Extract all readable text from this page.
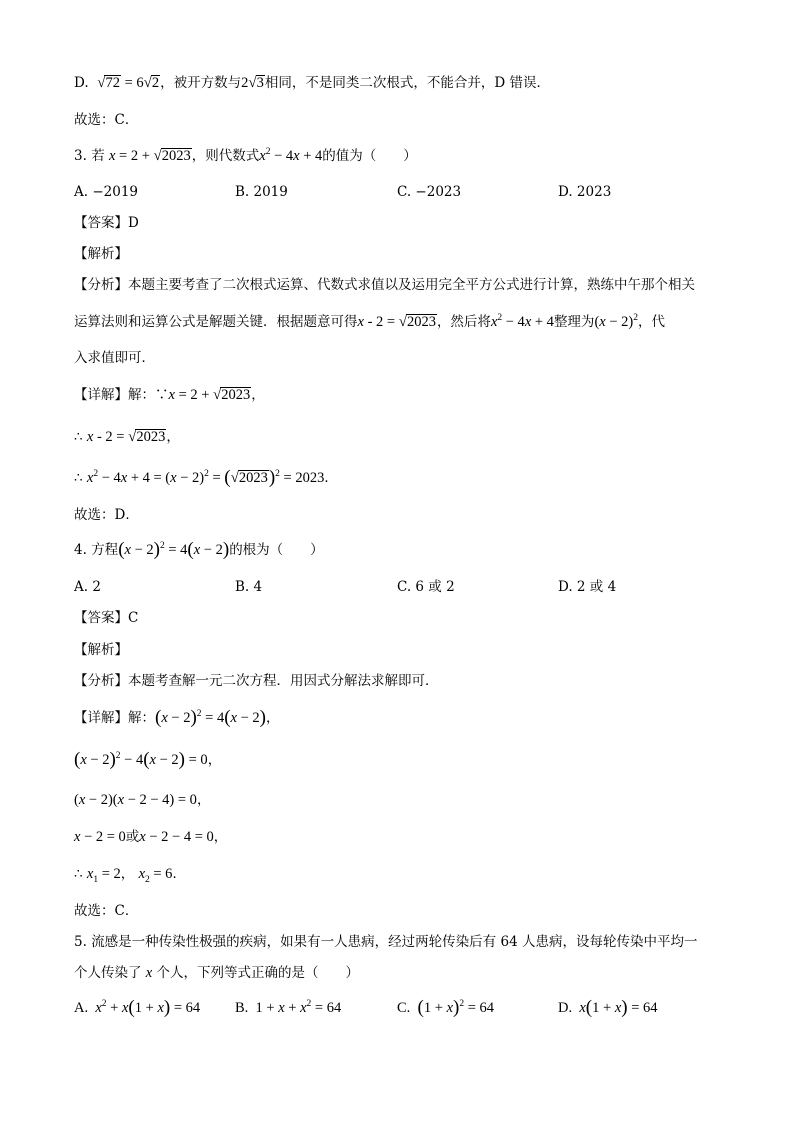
D. √72 = 6√2，被开方数与2√3相同，不是同类二次根式，不能合并，D 错误．
故选：C．
3. 若 x = 2 + √2023，则代数式$x^2 - 4x + 4$的值为（　　）
A. −2019	B. 2019	C. −2023	D. 2023
【答案】D
【解析】
【分析】本题主要考查了二次根式运算、代数式求值以及运用完全平方公式进行计算，熟练中午那个相关
运算法则和运算公式是解题关键．根据题意可得x - 2 = √2023，然后将$x^2 - 4x + 4$整理为$(x - 2)^2$，代
入求值即可．
【详解】解：∵x = 2 + √2023，
∴ x - 2 = √2023，
∴ $x^2 - 4x + 4 = (x - 2)^2 = (√2023)^2 = 2023$．
故选：D．
4. 方程$(x - 2)^2 = 4(x - 2)$的根为（　　）
A. 2	B. 4	C. 6 或 2	D. 2 或 4
【答案】C
【解析】
【分析】本题考查解一元二次方程．用因式分解法求解即可．
【详解】解：$(x - 2)^2 = 4(x - 2)$，
$(x - 2)^2 - 4(x - 2) = 0$，
(x − 2)(x − 2 − 4) = 0，
x − 2 = 0或x − 2 − 4 = 0，
∴ $x_1 = 2$， $x_2 = 6$．
故选：C．
5. 流感是一种传染性极强的疾病，如果有一人患病，经过两轮传染后有 64 人患病，设每轮传染中平均一
个人传染了 x 个人，下列等式正确的是（　　）
A. $x^2 + x(1 + x) = 64$ B.  $1 + x + x^2 = 64$	C. $(1 + x)^2 = 64$	D. x(1 + x) = 64
